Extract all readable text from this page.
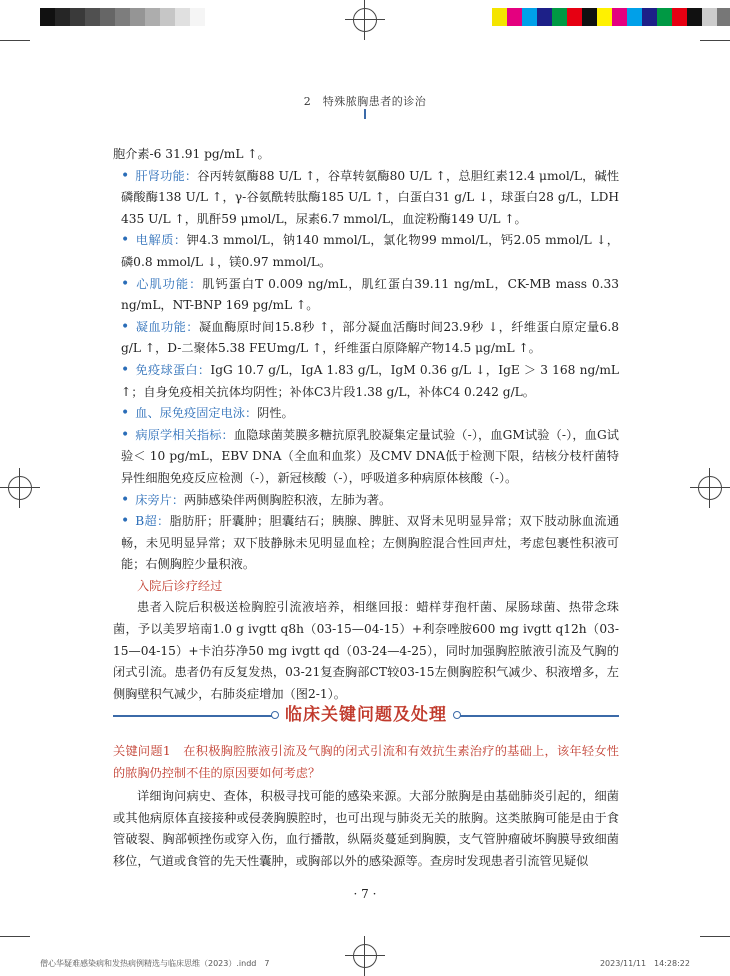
2　特殊脓胸患者的诊治

胞介素-6 31.91 pg/mL ↑。

• 肝肾功能：谷丙转氨酶88 U/L ↑，谷草转氨酶80 U/L ↑，总胆红素12.4 μmol/L，碱性磷酸酶138 U/L ↑，γ-谷氨酰转肽酶185 U/L ↑，白蛋白31 g/L ↓，球蛋白28 g/L，LDH 435 U/L ↑，肌酐59 μmol/L，尿素6.7 mmol/L，血淀粉酶149 U/L ↑。

• 电解质：钾4.3 mmol/L，钠140 mmol/L，氯化物99 mmol/L，钙2.05 mmol/L ↓，磷0.8 mmol/L ↓，镁0.97 mmol/L。

• 心肌功能：肌钙蛋白T 0.009 ng/mL，肌红蛋白39.11 ng/mL，CK-MB mass 0.33 ng/mL，NT-BNP 169 pg/mL ↑。

• 凝血功能：凝血酶原时间15.8秒 ↑，部分凝血活酶时间23.9秒 ↓，纤维蛋白原定量6.8 g/L ↑，D-二聚体5.38 FEUmg/L ↑，纤维蛋白原降解产物14.5 μg/mL ↑。

• 免疫球蛋白：IgG 10.7 g/L，IgA 1.83 g/L，IgM 0.36 g/L ↓，IgE ＞ 3 168 ng/mL ↑；自身免疫相关抗体均阴性；补体C3片段1.38 g/L，补体C4 0.242 g/L。

• 血、尿免疫固定电泳：阴性。

• 病原学相关指标：血隐球菌荚膜多糖抗原乳胶凝集定量试验（-），血GM试验（-），血G试验＜ 10 pg/mL，EBV DNA（全血和血浆）及CMV DNA低于检测下限，结核分枝杆菌特异性细胞免疫反应检测（-），新冠核酸（-），呼吸道多种病原体核酸（-）。

• 床旁片：两肺感染伴两侧胸腔积液，左肺为著。

• B超：脂肪肝；肝囊肿；胆囊结石；胰腺、脾脏、双肾未见明显异常；双下肢动脉血流通畅，未见明显异常；双下肢静脉未见明显血栓；左侧胸腔混合性回声灶，考虑包裹性积液可能；右侧胸腔少量积液。

入院后诊疗经过

患者入院后积极送检胸腔引流液培养，相继回报：蜡样芽孢杆菌、屎肠球菌、热带念珠菌，予以美罗培南1.0 g ivgtt q8h（03-15—04-15）+利奈唑胺600 mg ivgtt q12h（03-15—04-15）+卡泊芬净50 mg ivgtt qd（03-24—4-25），同时加强胸腔脓液引流及气胸的闭式引流。患者仍有反复发热，03-21复查胸部CT较03-15左侧胸腔积气减少、积液增多，左侧胸壁积气减少，右肺炎症增加（图2-1）。

临床关键问题及处理

关键问题1　在积极胸腔脓液引流及气胸的闭式引流和有效抗生素治疗的基础上，该年轻女性的脓胸仍控制不佳的原因要如何考虑？

详细询问病史、查体，积极寻找可能的感染来源。大部分脓胸是由基础肺炎引起的，细菌或其他病原体直接接种或侵袭胸膜腔时，也可出现与肺炎无关的脓胸。这类脓胸可能是由于食管破裂、胸部顿挫伤或穿入伤，血行播散，纵隔炎蔓延到胸膜，支气管肿瘤破坏胸膜导致细菌移位，气道或食管的先天性囊肿，或胸部以外的感染源等。查房时发现患者引流管见疑似

· 7 ·
僧心华疑难感染病和发热病例精选与临床思维（2023）.indd　7	2023/11/11　14:28:22
